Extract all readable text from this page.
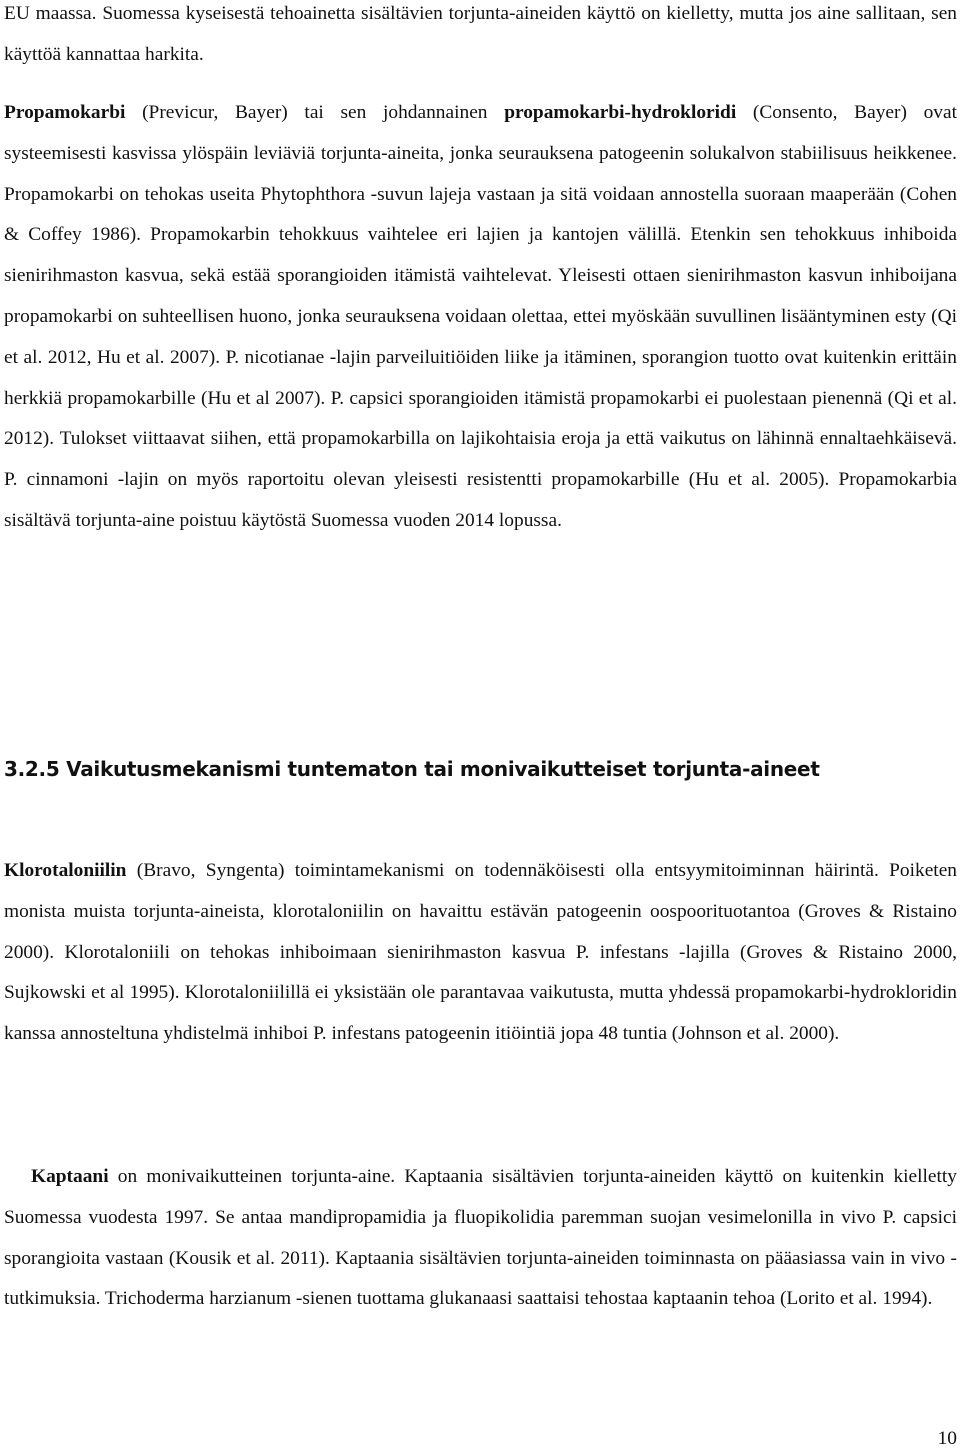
EU maassa. Suomessa kyseisestä tehoainetta sisältävien torjunta-aineiden käyttö on kielletty, mutta jos aine sallitaan, sen käyttöä kannattaa harkita.

Propamokarbi (Previcur, Bayer) tai sen johdannainen propamokarbi-hydrokloridi (Consento, Bayer) ovat systeemisesti kasvissa ylöspäin leviäviä torjunta-aineita, jonka seurauksena patogeenin solukalvon stabiilisuus heikkenee. Propamokarbi on tehokas useita Phytophthora -suvun lajeja vastaan ja sitä voidaan annostella suoraan maaperään (Cohen & Coffey 1986). Propamokarbin tehokkuus vaihtelee eri lajien ja kantojen välillä. Etenkin sen tehokkuus inhiboida sienirihmaston kasvua, sekä estää sporangioiden itämistä vaihtelevat. Yleisesti ottaen sienirihmaston kasvun inhiboijana propamokarbi on suhteellisen huono, jonka seurauksena voidaan olettaa, ettei myöskään suvullinen lisääntyminen esty (Qi et al. 2012, Hu et al. 2007). P. nicotianae -lajin parveiluitiöiden liike ja itäminen, sporangion tuotto ovat kuitenkin erittäin herkkiä propamokarbille (Hu et al 2007). P. capsici sporangioiden itämistä propamokarbi ei puolestaan pienennä (Qi et al. 2012). Tulokset viittaavat siihen, että propamokarbilla on lajikohtaisia eroja ja että vaikutus on lähinnä ennaltaehkäisevä. P. cinnamoni -lajin on myös raportoitu olevan yleisesti resistentti propamokarbille (Hu et al. 2005). Propamokarbia sisältävä torjunta-aine poistuu käytöstä Suomessa vuoden 2014 lopussa.

3.2.5 Vaikutusmekanismi tuntematon tai monivaikutteiset torjunta-aineet

Klorotaloniilin (Bravo, Syngenta) toimintamekanismi on todennäköisesti olla entsyymitoiminnan häirintä. Poiketen monista muista torjunta-aineista, klorotaloniilin on havaittu estävän patogeenin oospoorituotantoa (Groves & Ristaino 2000). Klorotaloniili on tehokas inhiboimaan sienirihmaston kasvua P. infestans -lajilla (Groves & Ristaino 2000, Sujkowski et al 1995). Klorotaloniilillä ei yksistään ole parantavaa vaikutusta, mutta yhdessä propamokarbi-hydrokloridin kanssa annosteltuna yhdistelmä inhiboi P. infestans patogeenin itiöintiä jopa 48 tuntia (Johnson et al. 2000).

Kaptaani on monivaikutteinen torjunta-aine. Kaptaania sisältävien torjunta-aineiden käyttö on kuitenkin kielletty Suomessa vuodesta 1997. Se antaa mandipropamidia ja fluopikolidia paremman suojan vesimelonilla in vivo P. capsici sporangioita vastaan (Kousik et al. 2011). Kaptaania sisältävien torjunta-aineiden toiminnasta on pääasiassa vain in vivo -tutkimuksia. Trichoderma harzianum -sienen tuottama glukanaasi saattaisi tehostaa kaptaanin tehoa (Lorito et al. 1994).

10
